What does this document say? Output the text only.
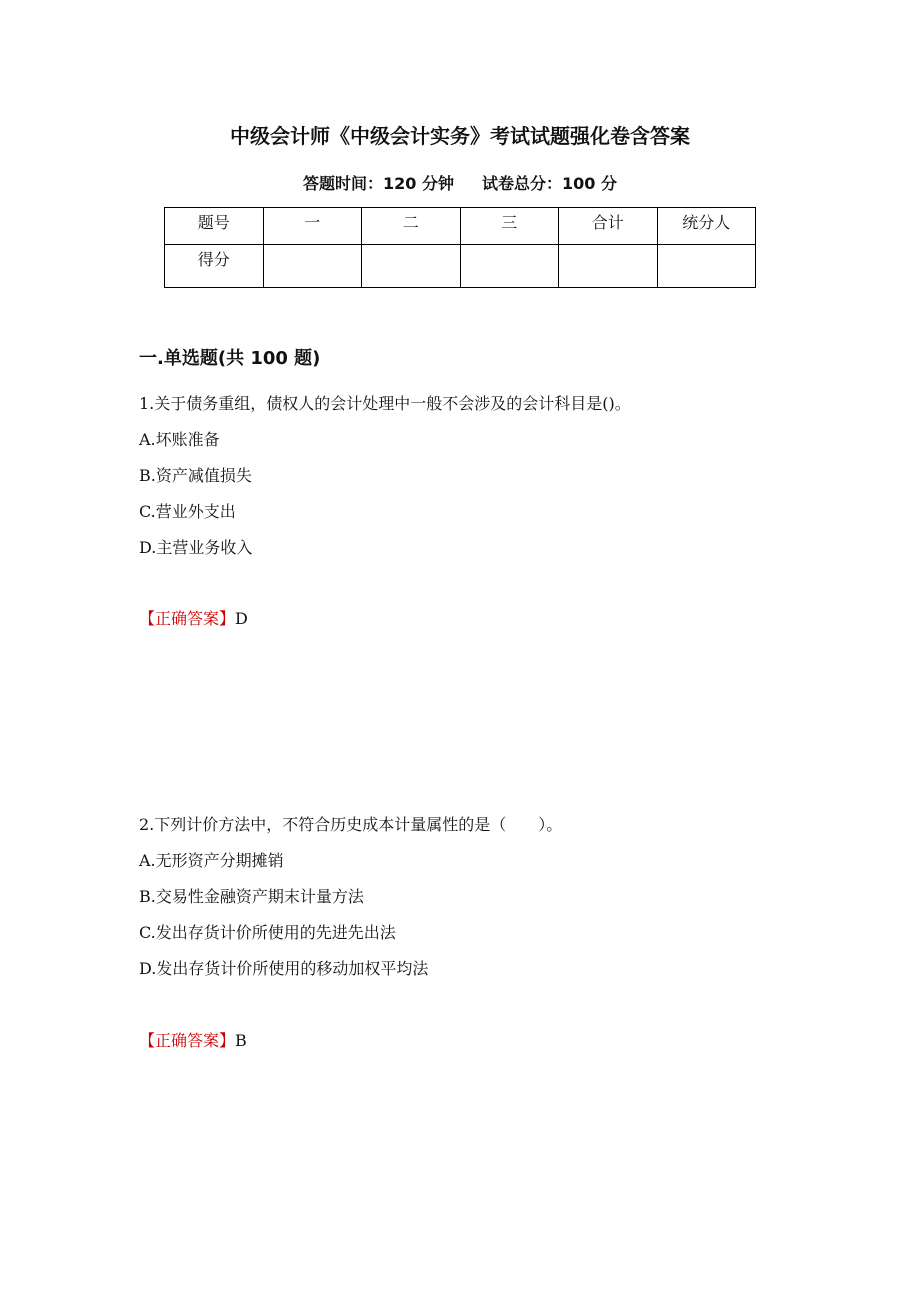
中级会计师《中级会计实务》考试试题强化卷含答案
答题时间：120 分钟 试卷总分：100 分
题号	一	二	三	合计	统分人
得分					
一.单选题(共 100 题)
1.关于债务重组，债权人的会计处理中一般不会涉及的会计科目是()。
A.坏账准备
B.资产减值损失
C.营业外支出
D.主营业务收入
【正确答案】D
2.下列计价方法中，不符合历史成本计量属性的是（　　）。
A.无形资产分期摊销
B.交易性金融资产期末计量方法
C.发出存货计价所使用的先进先出法
D.发出存货计价所使用的移动加权平均法
【正确答案】B
